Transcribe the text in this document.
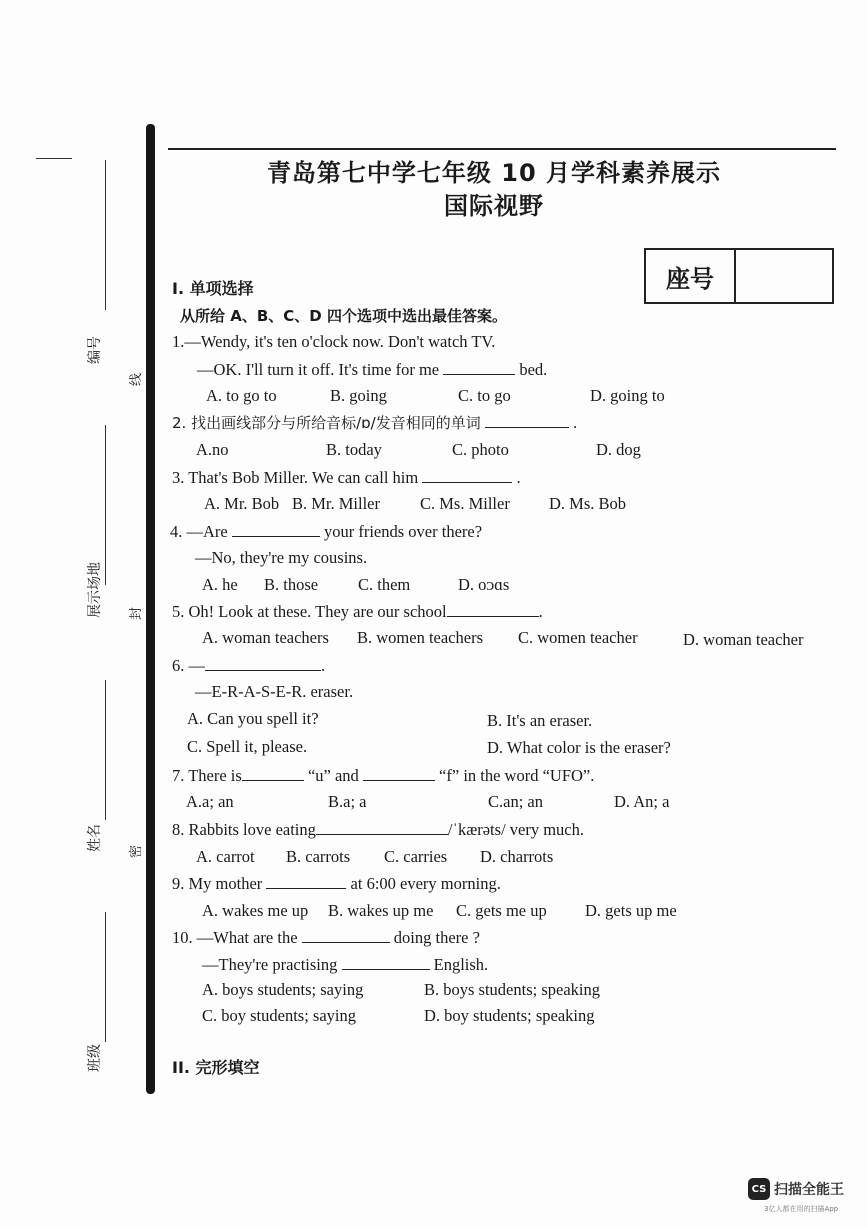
编号
线
展示场地	封
姓名	密
班级
青岛第七中学七年级 10 月学科素养展示
国际视野
座号
I. 单项选择
从所给 A、B、C、D 四个选项中选出最佳答案。
1.—Wendy, it's ten o'clock now. Don't watch TV.
—OK. I'll turn it off. It's time for me	bed.
A. to go to	B. going	C. to go	D. going to
2. 找出画线部分与所给音标/ɒ/发音相同的单词	.
A.no	B. today	C. photo	D. dog
3. That's Bob Miller. We can call him	.
A. Mr. Bob B. Mr. Miller C. Ms. Miller D. Ms. Bob
4. —Are	your friends over there?
—No, they're my cousins.
A. he B. those C. them	D. oᴐɑs
5. Oh! Look at these. They are our school	.
A. woman teachers B. women teachers C. women teacher	D. woman teacher
6. —	.
—E-R-A-S-E-R. eraser.
A. Can you spell it?	B. It's an eraser.
C. Spell it, please.	D. What color is the eraser?
7. There is	“u” and	“f” in the word “UFO”.
A.a; an	B.a; a	C.an; an	D. An; a
8. Rabbits love eating	/ˈkærəts/ very much.
A. carrot B. carrots C. carries D. charrots
9. My mother	at 6:00 every morning.
A. wakes me up B. wakes up me C. gets me up D. gets up me
10. —What are the	doing there ?
—They're practising	English.
A. boys students; saying	B. boys students; speaking
C. boy students; saying	D. boy students; speaking
II. 完形填空
CS 扫描全能王
3亿人都在用的扫描App
